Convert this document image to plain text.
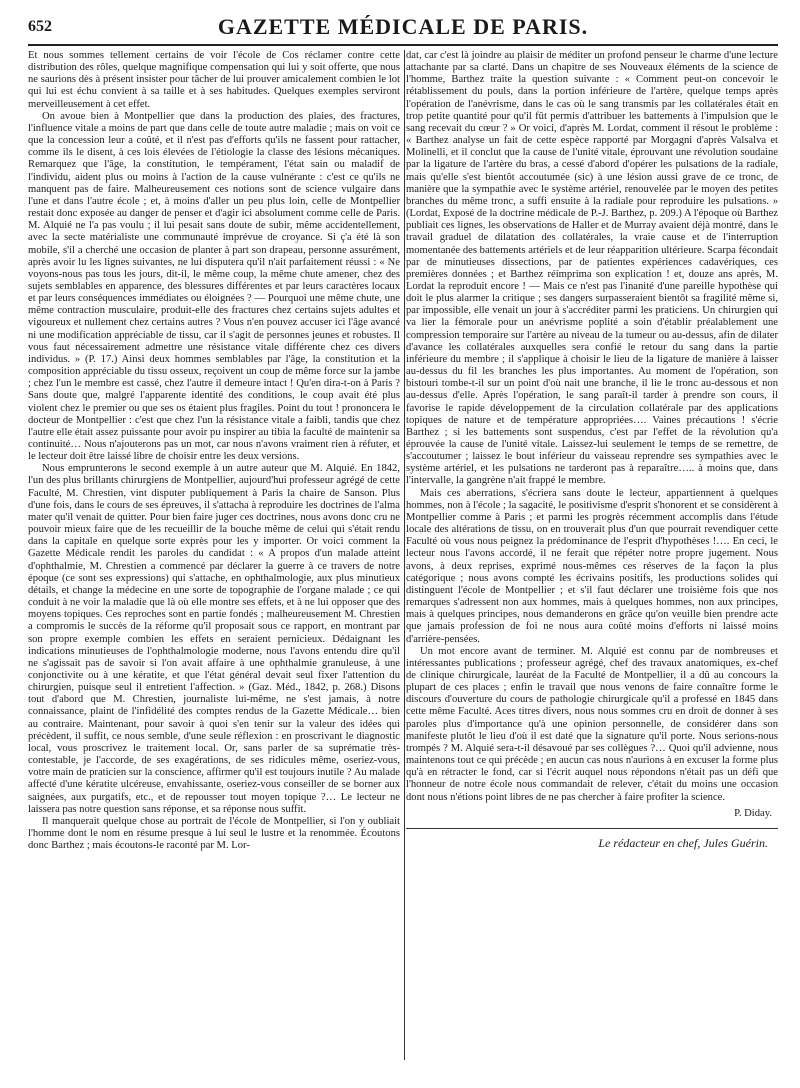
652	GAZETTE MÉDICALE DE PARIS.

Et nous sommes tellement certains de voir l'école de Cos réclamer contre cette distribution des rôles, quelque magnifique compensation qui lui y soit offerte, que nous ne saurions dès à présent insister pour tâcher de lui prouver amicalement combien le lot qui lui est échu convient à sa taille et à ses habitudes. Quelques exemples serviront merveilleusement à cet effet.

On avoue bien à Montpellier que dans la production des plaies, des fractures, l'influence vitale a moins de part que dans celle de toute autre maladie ; mais on voit ce que la concession leur a coûté, et il n'est pas d'efforts qu'ils ne fassent pour rattacher, comme ils le disent, à ces lois élevées de l'étiologie la classe des lésions mécaniques. Remarquez que l'âge, la constitution, le tempérament, l'état sain ou maladif de l'individu, aident plus ou moins à l'action de la cause vulnérante : c'est ce qu'ils ne manquent pas de faire. Malheureusement ces notions sont de science vulgaire dans l'une et dans l'autre école ; et, à moins d'aller un peu plus loin, celle de Montpellier restait donc exposée au danger de penser et d'agir ici absolument comme celle de Paris. M. Alquié ne l'a pas voulu ; il lui pesait sans doute de subir, même accidentellement, avec la secte matérialiste une communauté imprévue de croyance. Si ç'a été là son mobile, s'il a cherché une occasion de planter à part son drapeau, personne assurément, après avoir lu les lignes suivantes, ne lui disputera qu'il n'ait parfaitement réussi : « Ne voyons-nous pas tous les jours, dit-il, le même coup, la même chute amener, chez des sujets semblables en apparence, des blessures différentes et par leurs caractères locaux et par leurs conséquences immédiates ou éloignées ? — Pourquoi une même chute, une même contraction musculaire, produit-elle des fractures chez certains sujets adultes et vigoureux et nullement chez certains autres ? Vous n'en pouvez accuser ici l'âge avancé ni une modification appréciable de tissu, car il s'agit de personnes jeunes et robustes. Il vous faut nécessairement admettre une résistance vitale différente chez ces divers individus. » (P. 17.) Ainsi deux hommes semblables par l'âge, la constitution et la composition appréciable du tissu osseux, reçoivent un coup de même force sur la jambe ; chez l'un le membre est cassé, chez l'autre il demeure intact ! Qu'en dira-t-on à Paris ? Sans doute que, malgré l'apparente identité des conditions, le coup avait été plus violent chez le premier ou que ses os étaient plus fragiles. Point du tout ! prononcera le docteur de Montpellier : c'est que chez l'un la résistance vitale a faibli, tandis que chez l'autre elle était assez puissante pour avoir pu inspirer au tibia la faculté de maintenir sa continuité… Nous n'ajouterons pas un mot, car nous n'avons vraiment rien à réfuter, et le lecteur doit être laissé libre de choisir entre les deux versions.

Nous emprunterons le second exemple à un autre auteur que M. Alquié. En 1842, l'un des plus brillants chirurgiens de Montpellier, aujourd'hui professeur agrégé de cette Faculté, M. Chrestien, vint disputer publiquement à Paris la chaire de Sanson. Plus d'une fois, dans le cours de ses épreuves, il s'attacha à reproduire les doctrines de l'alma mater qu'il venait de quitter. Pour bien faire juger ces doctrines, nous avons donc cru ne pouvoir mieux faire que de les recueillir de la bouche même de celui qui s'était rendu dans la capitale en quelque sorte exprès pour les y importer. Or voici comment la Gazette Médicale rendit les paroles du candidat : « A propos d'un malade atteint d'ophthalmie, M. Chrestien a commencé par déclarer la guerre à ce travers de notre époque (ce sont ses expressions) qui s'attache, en ophthalmologie, aux plus minutieux détails, et change la médecine en une sorte de topographie de l'organe malade ; ce qui conduit à ne voir la maladie que là où elle montre ses effets, et à ne lui opposer que des moyens topiques. Ces reproches sont en partie fondés ; malheureusement M. Chrestien a compromis le succès de la réforme qu'il proposait sous ce rapport, en montrant par son propre exemple combien les effets en seraient pernicieux. Dédaignant les indications minutieuses de l'ophthalmologie moderne, nous l'avons entendu dire qu'il ne s'agissait pas de savoir si l'on avait affaire à une ophthalmie granuleuse, à une conjonctivite ou à une kératite, et que l'état général devait seul fixer l'attention du chirurgien, puisque seul il entretient l'affection. » (Gaz. Méd., 1842, p. 268.) Disons tout d'abord que M. Chrestien, journaliste lui-même, ne s'est jamais, à notre connaissance, plaint de l'infidélité des comptes rendus de la Gazette Médicale… bien au contraire. Maintenant, pour savoir à quoi s'en tenir sur la valeur des idées qui précèdent, il suffit, ce nous semble, d'une seule réflexion : en proscrivant le diagnostic local, vous proscrivez le traitement local. Or, sans parler de sa suprématie très-contestable, je l'accorde, de ses exagérations, de ses ridicules même, oseriez-vous, votre main de praticien sur la conscience, affirmer qu'il est toujours inutile ? Au malade affecté d'une kératite ulcéreuse, envahissante, oseriez-vous conseiller de se borner aux saignées, aux purgatifs, etc., et de repousser tout moyen topique ?… Le lecteur ne laissera pas notre question sans réponse, et sa réponse nous suffit.

Il manquerait quelque chose au portrait de l'école de Montpellier, si l'on y oubliait l'homme dont le nom en résume presque à lui seul le lustre et la renommée. Écoutons donc Barthez ; mais écoutons-le raconté par M. Lor-

dat, car c'est là joindre au plaisir de méditer un profond penseur le charme d'une lecture attachante par sa clarté. Dans un chapitre de ses Nouveaux éléments de la science de l'homme, Barthez traite la question suivante : « Comment peut-on concevoir le rétablissement du pouls, dans la portion inférieure de l'artère, quelque temps après l'opération de l'anévrisme, dans le cas où le sang transmis par les collatérales était en trop petite quantité pour qu'il fût permis d'attribuer les battements à l'impulsion que le sang recevait du cœur ? » Or voici, d'après M. Lordat, comment il résout le problème : « Barthez analyse un fait de cette espèce rapporté par Morgagni d'après Valsalva et Molinelli, et il conclut que la cause de l'unité vitale, éprouvant une révolution soudaine par la ligature de l'artère du bras, a cessé d'abord d'opérer les pulsations de la radiale, mais qu'elle s'est bientôt accoutumée (sic) à une lésion aussi grave de ce tronc, de manière que la sympathie avec le système artériel, renouvelée par le moyen des petites branches du même tronc, a suffi ensuite à la radiale pour reproduire les pulsations. » (Lordat, Exposé de la doctrine médicale de P.-J. Barthez, p. 209.) A l'époque où Barthez publiait ces lignes, les observations de Haller et de Murray avaient déjà montré, dans le travail graduel de dilatation des collatérales, la vraie cause et de l'interruption momentanée des battements artériels et de leur réapparition ultérieure. Scarpa fécondait par de minutieuses dissections, par de patientes expériences cadavériques, ces premières données ; et Barthez réimprima son explication ! et, douze ans après, M. Lordat la reproduit encore ! — Mais ce n'est pas l'inanité d'une pareille hypothèse qui doit le plus alarmer la critique ; ses dangers surpasseraient bientôt sa fragilité même si, par impossible, elle venait un jour à s'accréditer parmi les praticiens. Un chirurgien qui va lier la fémorale pour un anévrisme poplité a soin d'établir préalablement une compression temporaire sur l'artère au niveau de la tumeur ou au-dessus, afin de dilater d'avance les collatérales auxquelles sera confié le retour du sang dans la partie inférieure du membre ; il s'applique à choisir le lieu de la ligature de manière à laisser au-dessus du fil les branches les plus importantes. Au moment de l'opération, son bistouri tombe-t-il sur un point d'où nait une branche, il lie le tronc au-dessous et non au-dessus d'elle. Après l'opération, le sang paraît-il tarder à prendre son cours, il favorise le rapide développement de la circulation collatérale par des applications topiques de nature et de température appropriées…. Vaines précautions ! s'écrie Barthez ; si les battements sont suspendus, c'est par l'effet de la révolution qu'a éprouvée la cause de l'unité vitale. Laissez-lui seulement le temps de se remettre, de s'accoutumer ; laissez le bout inférieur du vaisseau reprendre ses sympathies avec le système artériel, et les pulsations ne tarderont pas à reparaître….. à moins que, dans l'intervalle, la gangrène n'ait frappé le membre.

Mais ces aberrations, s'écriera sans doute le lecteur, appartiennent à quelques hommes, non à l'école ; la sagacité, le positivisme d'esprit s'honorent et se considèrent à Montpellier comme à Paris ; et parmi les progrès récemment accomplis dans l'étude locale des altérations de tissu, on en trouverait plus d'un que pourrait revendiquer cette Faculté où vous nous peignez la prédominance de l'esprit d'hypothèses !…. En ceci, le lecteur nous l'avons accordé, il ne ferait que répéter notre propre jugement. Nous avons, à deux reprises, exprimé nous-mêmes ces réserves de la façon la plus catégorique ; nous avons compté les écrivains positifs, les productions solides qui distinguent l'école de Montpellier ; et s'il faut déclarer une troisième fois que nos remarques s'adressent non aux hommes, mais à quelques hommes, non aux principes, mais à quelques principes, nous demanderons en grâce qu'on veuille bien prendre acte que jamais profession de foi ne nous aura coûté moins d'efforts ni laissé moins d'arrière-pensées.

Un mot encore avant de terminer. M. Alquié est connu par de nombreuses et intéressantes publications ; professeur agrégé, chef des travaux anatomiques, ex-chef de clinique chirurgicale, lauréat de la Faculté de Montpellier, il a dû au concours la plupart de ces places ; enfin le travail que nous venons de faire connaître forme le discours d'ouverture du cours de pathologie chirurgicale qu'il a professé en 1845 dans cette même Faculté. Aces titres divers, nous nous sommes cru en droit de donner à ses paroles plus d'importance qu'à une opinion personnelle, de considérer dans son manifeste plutôt le lieu d'où il est daté que la signature qu'il porte. Nous serions-nous trompés ? M. Alquié sera-t-il désavoué par ses collègues ?… Quoi qu'il advienne, nous maintenons tout ce qui précède ; en aucun cas nous n'aurions à en excuser la forme plus qu'à en rétracter le fond, car si l'écrit auquel nous répondons n'était pas un défi que l'honneur de notre école nous commandait de relever, c'était du moins une occasion dont nous n'étions point libres de ne pas chercher à faire profiter la science.

P. Diday.
Le rédacteur en chef, Jules Guérin.
